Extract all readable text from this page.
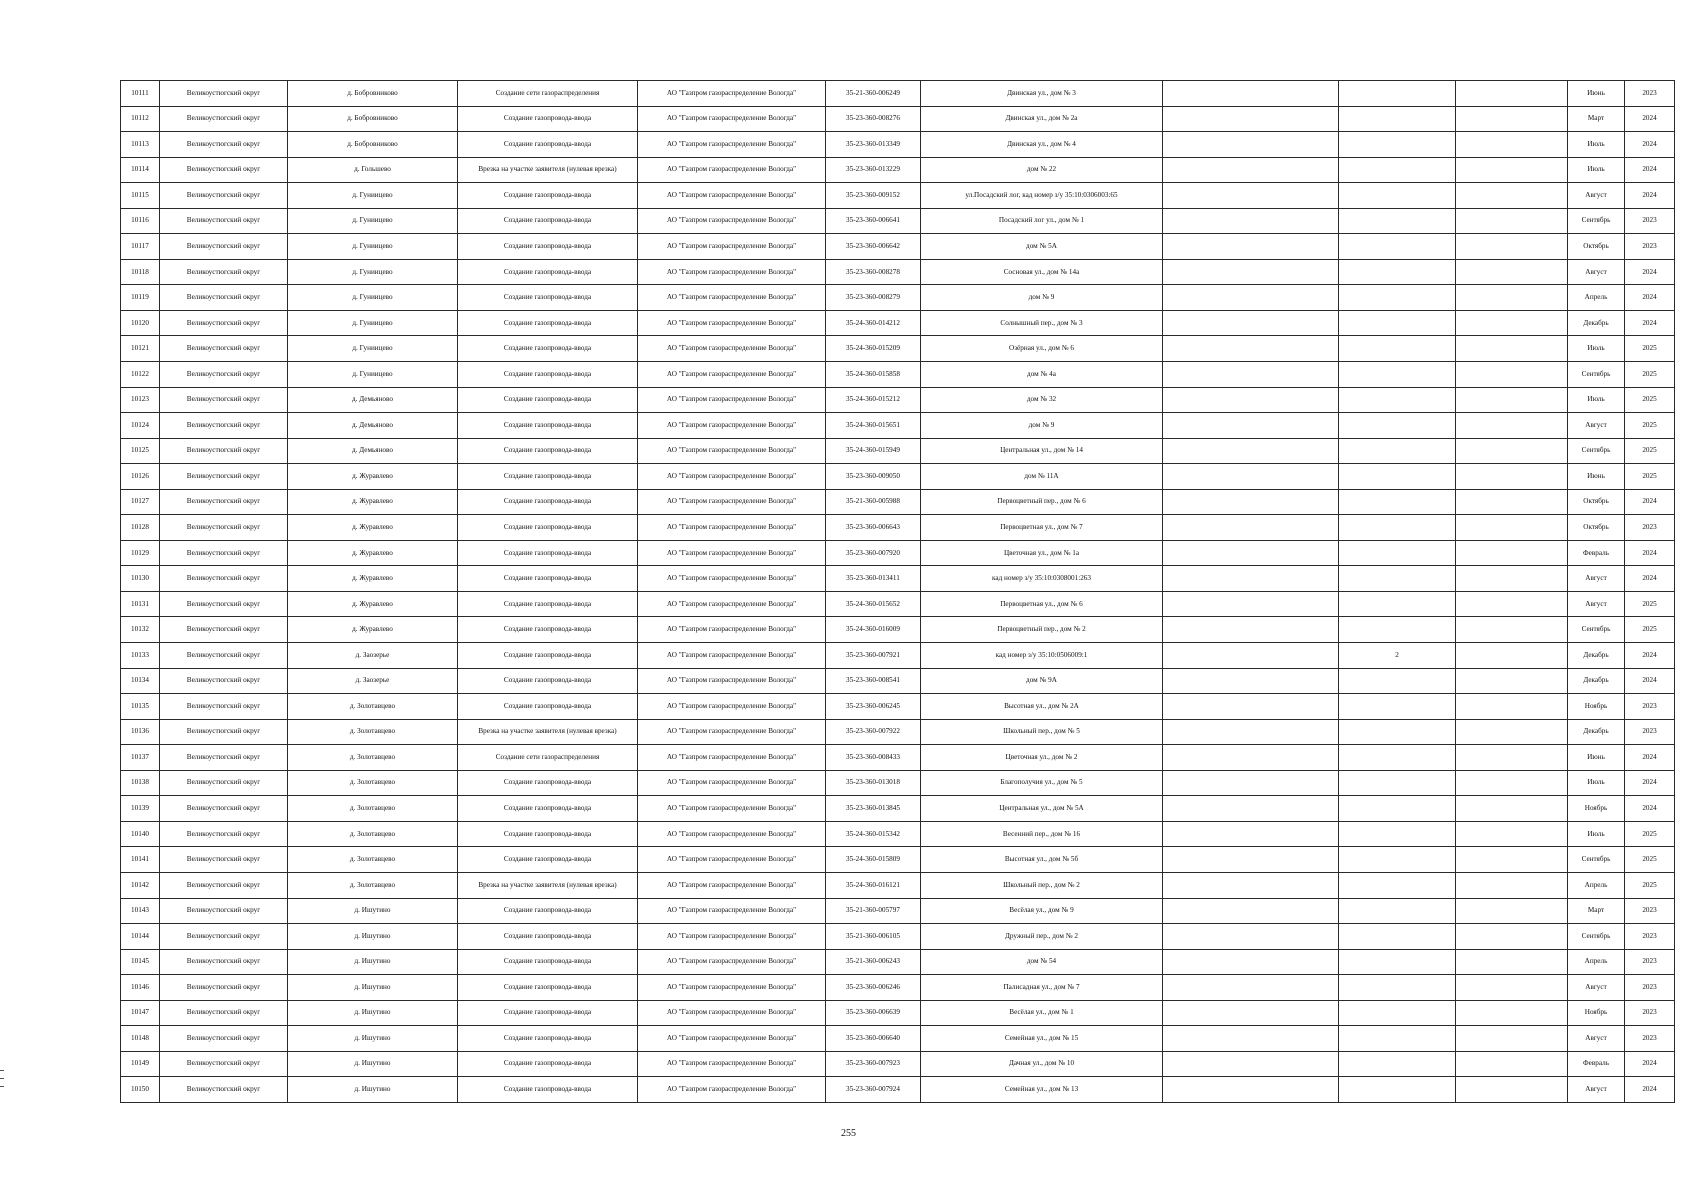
10111	Великоустюгский округ	д. Бобровниково	Создание сети газораспределения	АО "Газпром газораспределение Вологда"	35-21-360-006249	Двинская ул., дом № 3				Июнь	2023
10112	Великоустюгский округ	д. Бобровниково	Создание газопровода-ввода	АО "Газпром газораспределение Вологда"	35-23-360-008276	Двинская ул., дом № 2а				Март	2024
10113	Великоустюгский округ	д. Бобровниково	Создание газопровода-ввода	АО "Газпром газораспределение Вологда"	35-23-360-013349	Двинская ул., дом № 4				Июль	2024
10114	Великоустюгский округ	д. Гольшево	Врезка на участке заявителя (нулевая врезка)	АО "Газпром газораспределение Вологда"	35-23-360-013229	дом № 22				Июль	2024
10115	Великоустюгский округ	д. Гуниицево	Создание газопровода-ввода	АО "Газпром газораспределение Вологда"	35-23-360-009152	ул.Посадский лог, кад номер з/у 35:10:0306003:65				Август	2024
10116	Великоустюгский округ	д. Гуниицево	Создание газопровода-ввода	АО "Газпром газораспределение Вологда"	35-23-360-006641	Посадский лог ул., дом № 1				Сентябрь	2023
10117	Великоустюгский округ	д. Гуниицево	Создание газопровода-ввода	АО "Газпром газораспределение Вологда"	35-23-360-006642	дом № 5А				Октябрь	2023
10118	Великоустюгский округ	д. Гуниицево	Создание газопровода-ввода	АО "Газпром газораспределение Вологда"	35-23-360-008278	Сосновая ул., дом № 14а				Август	2024
10119	Великоустюгский округ	д. Гуниицево	Создание газопровода-ввода	АО "Газпром газораспределение Вологда"	35-23-360-008279	дом № 9				Апрель	2024
10120	Великоустюгский округ	д. Гуниицево	Создание газопровода-ввода	АО "Газпром газораспределение Вологда"	35-24-360-014212	Солнышный пер., дом № 3				Декабрь	2024
10121	Великоустюгский округ	д. Гуниицево	Создание газопровода-ввода	АО "Газпром газораспределение Вологда"	35-24-360-015209	Озёрная ул., дом № 6				Июль	2025
10122	Великоустюгский округ	д. Гуниицево	Создание газопровода-ввода	АО "Газпром газораспределение Вологда"	35-24-360-015858	дом № 4а				Сентябрь	2025
10123	Великоустюгский округ	д. Демьяново	Создание газопровода-ввода	АО "Газпром газораспределение Вологда"	35-24-360-015212	дом № 32				Июль	2025
10124	Великоустюгский округ	д. Демьяново	Создание газопровода-ввода	АО "Газпром газораспределение Вологда"	35-24-360-015651	дом № 9				Август	2025
10125	Великоустюгский округ	д. Демьяново	Создание газопровода-ввода	АО "Газпром газораспределение Вологда"	35-24-360-015949	Центральная ул., дом № 14				Сентябрь	2025
10126	Великоустюгский округ	д. Журавлево	Создание газопровода-ввода	АО "Газпром газораспределение Вологда"	35-23-360-009050	дом № 11А				Июнь	2025
10127	Великоустюгский округ	д. Журавлево	Создание газопровода-ввода	АО "Газпром газораспределение Вологда"	35-21-360-005988	Первоцветный пер., дом № 6				Октябрь	2024
10128	Великоустюгский округ	д. Журавлево	Создание газопровода-ввода	АО "Газпром газораспределение Вологда"	35-23-360-006643	Первоцветная ул., дом № 7				Октябрь	2023
10129	Великоустюгский округ	д. Журавлево	Создание газопровода-ввода	АО "Газпром газораспределение Вологда"	35-23-360-007920	Цветочная ул., дом № 1а				Февраль	2024
10130	Великоустюгский округ	д. Журавлево	Создание газопровода-ввода	АО "Газпром газораспределение Вологда"	35-23-360-013411	кад номер з/у 35:10:0308001:263				Август	2024
10131	Великоустюгский округ	д. Журавлево	Создание газопровода-ввода	АО "Газпром газораспределение Вологда"	35-24-360-015652	Первоцветная ул., дом № 6				Август	2025
10132	Великоустюгский округ	д. Журавлево	Создание газопровода-ввода	АО "Газпром газораспределение Вологда"	35-24-360-016009	Первоцветный пер., дом № 2				Сентябрь	2025
10133	Великоустюгский округ	д. Заозерье	Создание газопровода-ввода	АО "Газпром газораспределение Вологда"	35-23-360-007921	кад номер з/у 35:10:0506009:1		2		Декабрь	2024
10134	Великоустюгский округ	д. Заозерье	Создание газопровода-ввода	АО "Газпром газораспределение Вологда"	35-23-360-008541	дом № 9А				Декабрь	2024
10135	Великоустюгский округ	д. Золотавцево	Создание газопровода-ввода	АО "Газпром газораспределение Вологда"	35-23-360-006245	Высотная ул., дом № 2А				Ноябрь	2023
10136	Великоустюгский округ	д. Золотавцево	Врезка на участке заявителя (нулевая врезка)	АО "Газпром газораспределение Вологда"	35-23-360-007922	Школьный пер., дом № 5				Декабрь	2023
10137	Великоустюгский округ	д. Золотавцево	Создание сети газораспределения	АО "Газпром газораспределение Вологда"	35-23-360-008433	Цветочная ул., дом № 2				Июнь	2024
10138	Великоустюгский округ	д. Золотавцево	Создание газопровода-ввода	АО "Газпром газораспределение Вологда"	35-23-360-013018	Благополучия ул., дом № 5				Июль	2024
10139	Великоустюгский округ	д. Золотавцево	Создание газопровода-ввода	АО "Газпром газораспределение Вологда"	35-23-360-013845	Центральная ул., дом № 5А				Ноябрь	2024
10140	Великоустюгский округ	д. Золотавцево	Создание газопровода-ввода	АО "Газпром газораспределение Вологда"	35-24-360-015342	Весенний пер., дом № 16				Июль	2025
10141	Великоустюгский округ	д. Золотавцево	Создание газопровода-ввода	АО "Газпром газораспределение Вологда"	35-24-360-015809	Высотная ул., дом № 5б				Сентябрь	2025
10142	Великоустюгский округ	д. Золотавцево	Врезка на участке заявителя (нулевая врезка)	АО "Газпром газораспределение Вологда"	35-24-360-016121	Школьный пер., дом № 2				Апрель	2025
10143	Великоустюгский округ	д. Ишутино	Создание газопровода-ввода	АО "Газпром газораспределение Вологда"	35-21-360-005797	Весёлая ул., дом № 9				Март	2023
10144	Великоустюгский округ	д. Ишутино	Создание газопровода-ввода	АО "Газпром газораспределение Вологда"	35-21-360-006105	Дружный пер., дом № 2				Сентябрь	2023
10145	Великоустюгский округ	д. Ишутино	Создание газопровода-ввода	АО "Газпром газораспределение Вологда"	35-21-360-006243	дом № 54				Апрель	2023
10146	Великоустюгский округ	д. Ишутино	Создание газопровода-ввода	АО "Газпром газораспределение Вологда"	35-23-360-006246	Палисадная ул., дом № 7				Август	2023
10147	Великоустюгский округ	д. Ишутино	Создание газопровода-ввода	АО "Газпром газораспределение Вологда"	35-23-360-006639	Весёлая ул., дом № 1				Ноябрь	2023
10148	Великоустюгский округ	д. Ишутино	Создание газопровода-ввода	АО "Газпром газораспределение Вологда"	35-23-360-006640	Семейная ул., дом № 15				Август	2023
10149	Великоустюгский округ	д. Ишутино	Создание газопровода-ввода	АО "Газпром газораспределение Вологда"	35-23-360-007923	Дачная ул., дом № 10				Февраль	2024
10150	Великоустюгский округ	д. Ишутино	Создание газопровода-ввода	АО "Газпром газораспределение Вологда"	35-23-360-007924	Семейная ул., дом № 13				Август	2024
255
